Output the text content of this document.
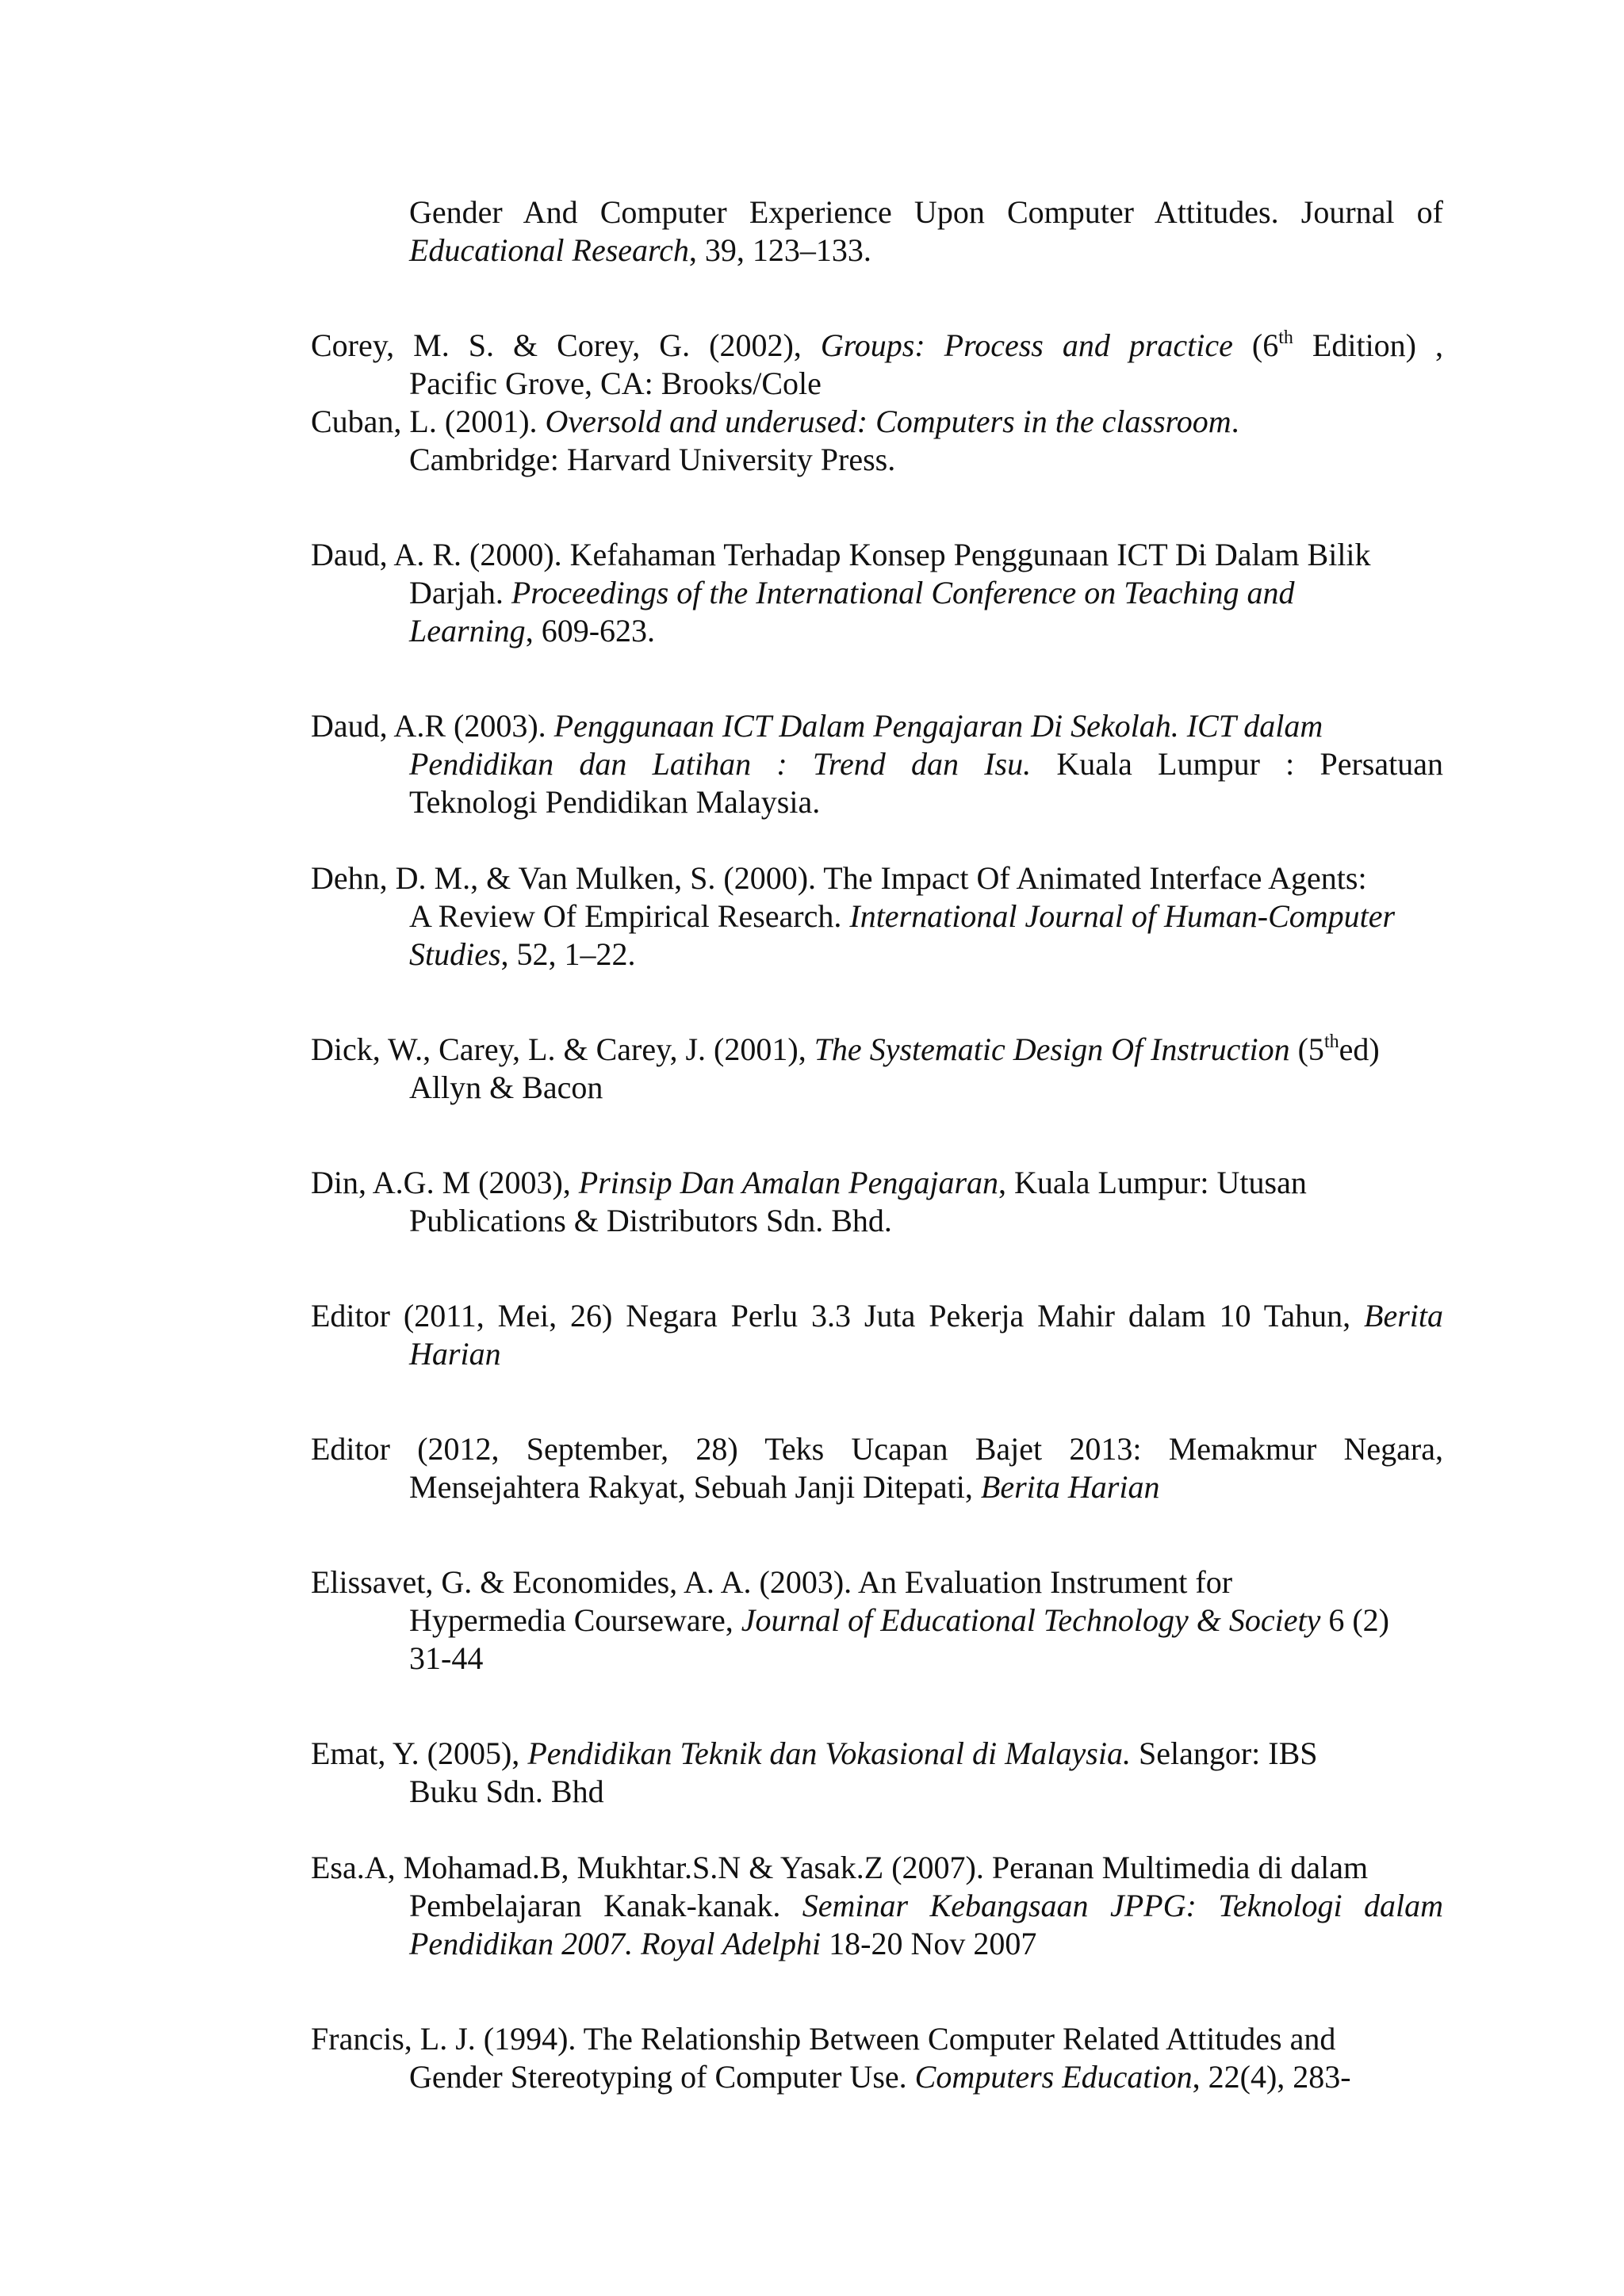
Gender And Computer Experience Upon Computer Attitudes. Journal of
Educational Research, 39, 123–133.
Corey, M. S. & Corey, G. (2002), Groups: Process and practice (6th Edition) ,
Pacific Grove, CA: Brooks/Cole
Cuban, L. (2001). Oversold and underused: Computers in the classroom.
Cambridge: Harvard University Press.
Daud, A. R. (2000). Kefahaman Terhadap Konsep Penggunaan ICT Di Dalam Bilik
Darjah. Proceedings of the International Conference on Teaching and
Learning, 609-623.
Daud, A.R (2003). Penggunaan ICT Dalam Pengajaran Di Sekolah. ICT dalam
Pendidikan dan Latihan : Trend dan Isu. Kuala Lumpur : Persatuan
Teknologi Pendidikan Malaysia.
Dehn, D. M., & Van Mulken, S. (2000). The Impact Of Animated Interface Agents:
A Review Of Empirical Research. International Journal of Human-Computer
Studies, 52, 1–22.
Dick, W., Carey, L. & Carey, J. (2001), The Systematic Design Of Instruction (5thed)
Allyn & Bacon
Din, A.G. M (2003), Prinsip Dan Amalan Pengajaran, Kuala Lumpur: Utusan
Publications & Distributors Sdn. Bhd.
Editor (2011, Mei, 26) Negara Perlu 3.3 Juta Pekerja Mahir dalam 10 Tahun, Berita
Harian
Editor (2012, September, 28) Teks Ucapan Bajet 2013: Memakmur Negara,
Mensejahtera Rakyat, Sebuah Janji Ditepati, Berita Harian
Elissavet, G. & Economides, A. A. (2003). An Evaluation Instrument for
Hypermedia Courseware, Journal of Educational Technology & Society 6 (2)
31-44
Emat, Y. (2005), Pendidikan Teknik dan Vokasional di Malaysia. Selangor: IBS
Buku Sdn. Bhd
Esa.A, Mohamad.B, Mukhtar.S.N & Yasak.Z (2007). Peranan Multimedia di dalam
Pembelajaran Kanak-kanak. Seminar Kebangsaan JPPG: Teknologi dalam
Pendidikan 2007. Royal Adelphi 18-20 Nov 2007
Francis, L. J. (1994). The Relationship Between Computer Related Attitudes and
Gender Stereotyping of Computer Use. Computers Education, 22(4), 283-
